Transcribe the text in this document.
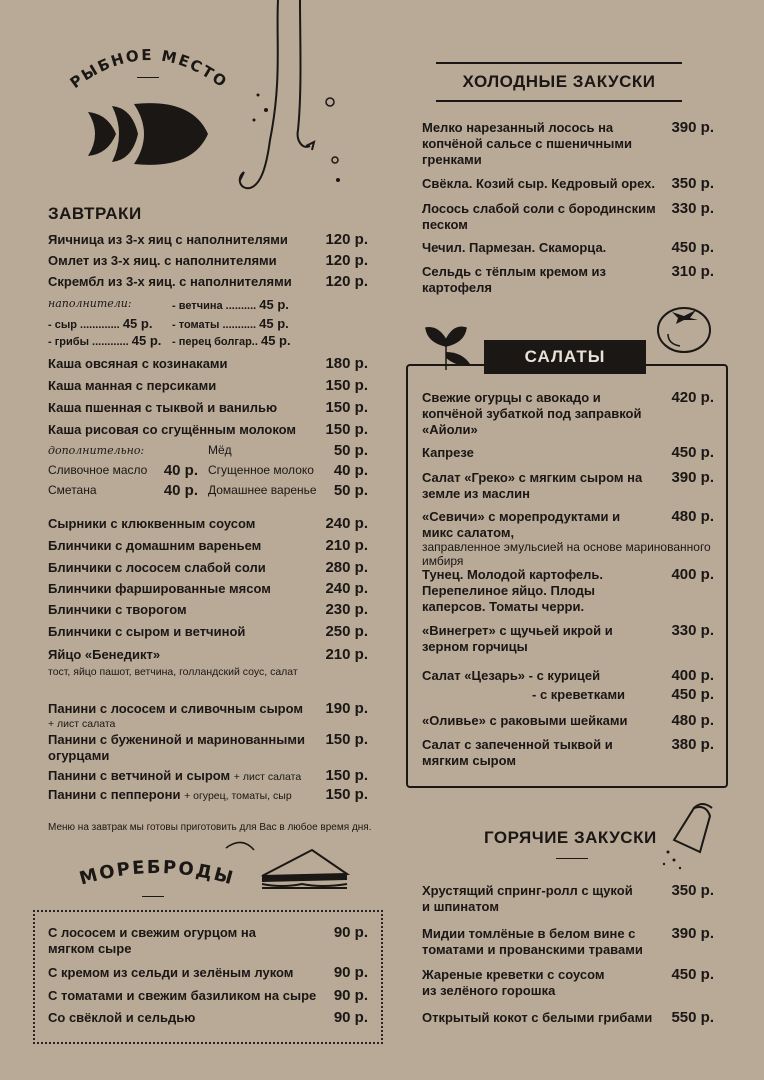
РЫБНОЕ МЕСТО
ЗАВТРАКИ
Яичница из 3-х яиц с наполнителями	120 р.
Омлет из 3-х яиц. с наполнителями	120 р.
Скрембл из 3-х яиц. с наполнителями 120 р.
наполнители:	- ветчина .......... 45 р.
- сыр ............. 45 р. - томаты ........... 45 р.
- грибы ............ 45 р. - перец болгар.. 45 р.
Каша овсяная с козинаками	180 р.
Каша манная с персиками	150 р.
Каша пшенная с тыквой и ванилью	150 р.
Каша рисовая со сгущённым молоком 150 р.
дополнительно:	Мёд	50 р.
Сливочное масло 40 р. Сгущенное молоко 40 р.
Сметана	40 р. Домашнее варенье 50 р.
Сырники с клюквенным соусом	240 р.
Блинчики с домашним вареньем	210 р.
Блинчики с лососем слабой соли	280 р.
Блинчики фаршированные мясом	240 р.
Блинчики с творогом	230 р.
Блинчики с сыром и ветчиной	250 р.
Яйцо «Бенедикт»	210 р.
тост, яйцо пашот, ветчина, голландский соус, салат
Панини с лососем и сливочным сыром 190 р.
+ лист салата
Панини с бужениной и маринованными огурцами
150 р.
Панини с ветчиной и сыром + лист салата 150 р.
Панини с пепперони + огурец, томаты, сыр 150 р.
Меню на завтрак мы готовы приготовить для Вас в любое время дня.
МОРЕБРОДЫ
С лососем и свежим огурцом на мягком сыре
90 р.
С кремом из сельди и зелёным луком	90 р.
С томатами и свежим базиликом на сыре 90 р.
Со свёклой и сельдью	90 р.
ХОЛОДНЫЕ ЗАКУСКИ
Мелко нарезанный лосось на копчёной сальсе с пшеничными гренками
390 р.
Свёкла. Козий сыр. Кедровый орех. 350 р.
Лосось слабой соли с бородинским песком
330 р.
Чечил. Пармезан. Скаморца.	450 р.
Сельдь с тёплым кремом из картофеля
310 р.
САЛАТЫ
Свежие огурцы с авокадо и копчёной зубаткой под заправкой «Айоли»
420 р.
Капрезе	450 р.
Салат «Греко» с мягким сыром на земле из маслин
390 р.
«Севичи» с морепродуктами и микс салатом,
480 р.
заправленное эмульсией на основе маринованного имбиря
Тунец. Молодой картофель. Перепелиное яйцо. Плоды каперсов. Томаты черри.
400 р.
«Винегрет» с щучьей икрой и зерном горчицы
330 р.
Салат «Цезарь» - с курицей	400 р.
- с креветками	450 р.
«Оливье» с раковыми шейками	480 р.
Салат с запеченной тыквой и мягким сыром
380 р.
ГОРЯЧИЕ ЗАКУСКИ
Хрустящий спринг-ролл с щукой и шпинатом
350 р.
Мидии томлёные в белом вине с томатами и прованскими травами
390 р.
Жареные креветки с соусом из зелёного горошка
450 р.
Открытый кокот с белыми грибами 550 р.
